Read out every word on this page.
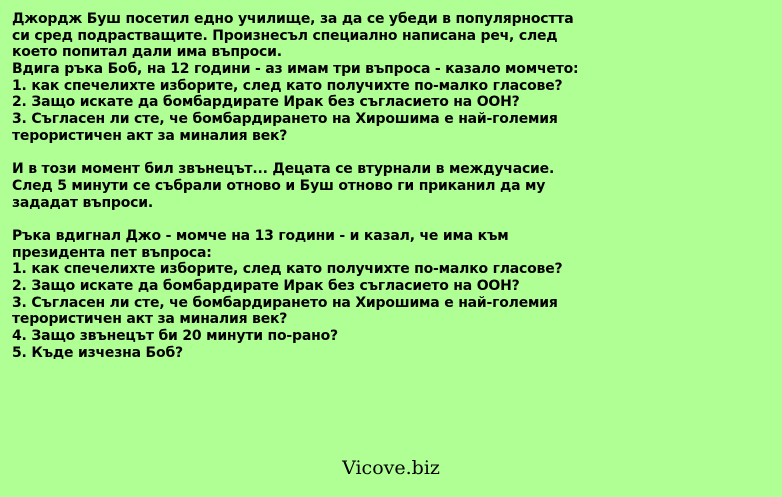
Джордж Буш посетил едно училище, за да се убеди в популярността
си сред подрастващите. Произнесъл специално написана реч, след
което попитал дали има въпроси.
Вдига ръка Боб, на 12 години - аз имам три въпроса - казало момчето:
1. как спечелихте изборите, след като получихте по-малко гласове?
2. Защо искате да бомбардирате Ирак без съгласието на ООН?
3. Съгласен ли сте, че бомбардирането на Хирошима е най-големия
терористичен акт за миналия век?
И в този момент бил звънецът... Децата се втурнали в междучасие.
След 5 минути се събрали отново и Буш отново ги приканил да му
зададат въпроси.
Ръка вдигнал Джо - момче на 13 години - и казал, че има към
президента пет въпроса:
1. как спечелихте изборите, след като получихте по-малко гласове?
2. Защо искате да бомбардирате Ирак без съгласието на ООН?
3. Съгласен ли сте, че бомбардирането на Хирошима е най-големия
терористичен акт за миналия век?
4. Защо звънецът би 20 минути по-рано?
5. Къде изчезна Боб?
Vicove.biz
